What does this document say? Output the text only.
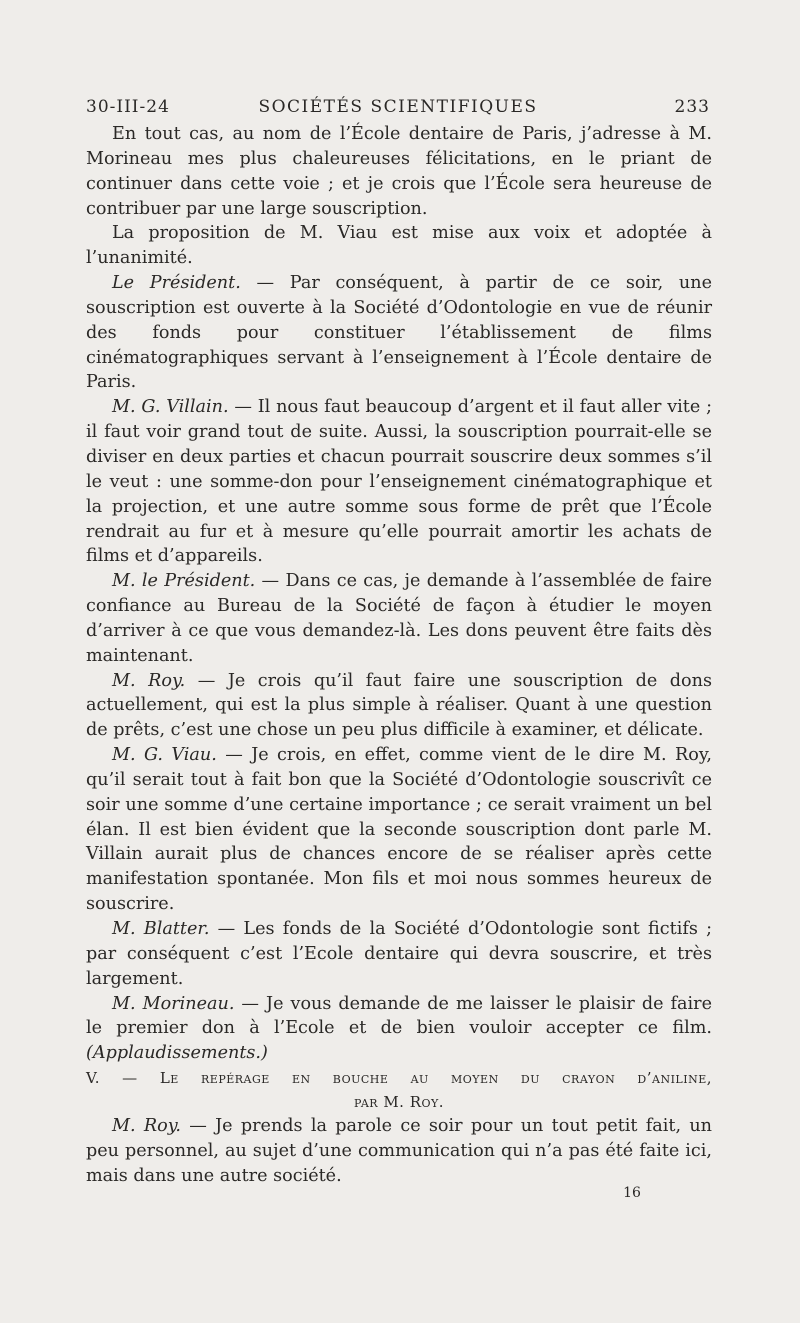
30-III-24	SOCIÉTÉS SCIENTIFIQUES	233

En tout cas, au nom de l’École dentaire de Paris, j’adresse à M. Morineau mes plus chaleureuses félicitations, en le priant de continuer dans cette voie ; et je crois que l’École sera heureuse de contribuer par une large souscription.

La proposition de M. Viau est mise aux voix et adoptée à l’unanimité.

Le Président. — Par conséquent, à partir de ce soir, une souscription est ouverte à la Société d’Odontologie en vue de réunir des fonds pour constituer l’établissement de films cinématographiques servant à l’enseignement à l’École dentaire de Paris.

M. G. Villain. — Il nous faut beaucoup d’argent et il faut aller vite ; il faut voir grand tout de suite. Aussi, la souscription pourrait-elle se diviser en deux parties et chacun pourrait souscrire deux sommes s’il le veut : une somme-don pour l’enseignement cinématographique et la projection, et une autre somme sous forme de prêt que l’École rendrait au fur et à mesure qu’elle pourrait amortir les achats de films et d’appareils.

M. le Président. — Dans ce cas, je demande à l’assemblée de faire confiance au Bureau de la Société de façon à étudier le moyen d’arriver à ce que vous demandez-là. Les dons peuvent être faits dès maintenant.

M. Roy. — Je crois qu’il faut faire une souscription de dons actuellement, qui est la plus simple à réaliser. Quant à une question de prêts, c’est une chose un peu plus difficile à examiner, et délicate.

M. G. Viau. — Je crois, en effet, comme vient de le dire M. Roy, qu’il serait tout à fait bon que la Société d’Odontologie souscrivît ce soir une somme d’une certaine importance ; ce serait vraiment un bel élan. Il est bien évident que la seconde souscription dont parle M. Villain aurait plus de chances encore de se réaliser après cette manifestation spontanée. Mon fils et moi nous sommes heureux de souscrire.

M. Blatter. — Les fonds de la Société d’Odontologie sont fictifs ; par conséquent c’est l’Ecole dentaire qui devra souscrire, et très largement.

M. Morineau. — Je vous demande de me laisser le plaisir de faire le premier don à l’Ecole et de bien vouloir accepter ce film. (Applaudissements.)

V. — Le repérage en bouche au moyen du crayon d’aniline,
par M. Roy.

M. Roy. — Je prends la parole ce soir pour un tout petit fait, un peu personnel, au sujet d’une communication qui n’a pas été faite ici, mais dans une autre société.

16
